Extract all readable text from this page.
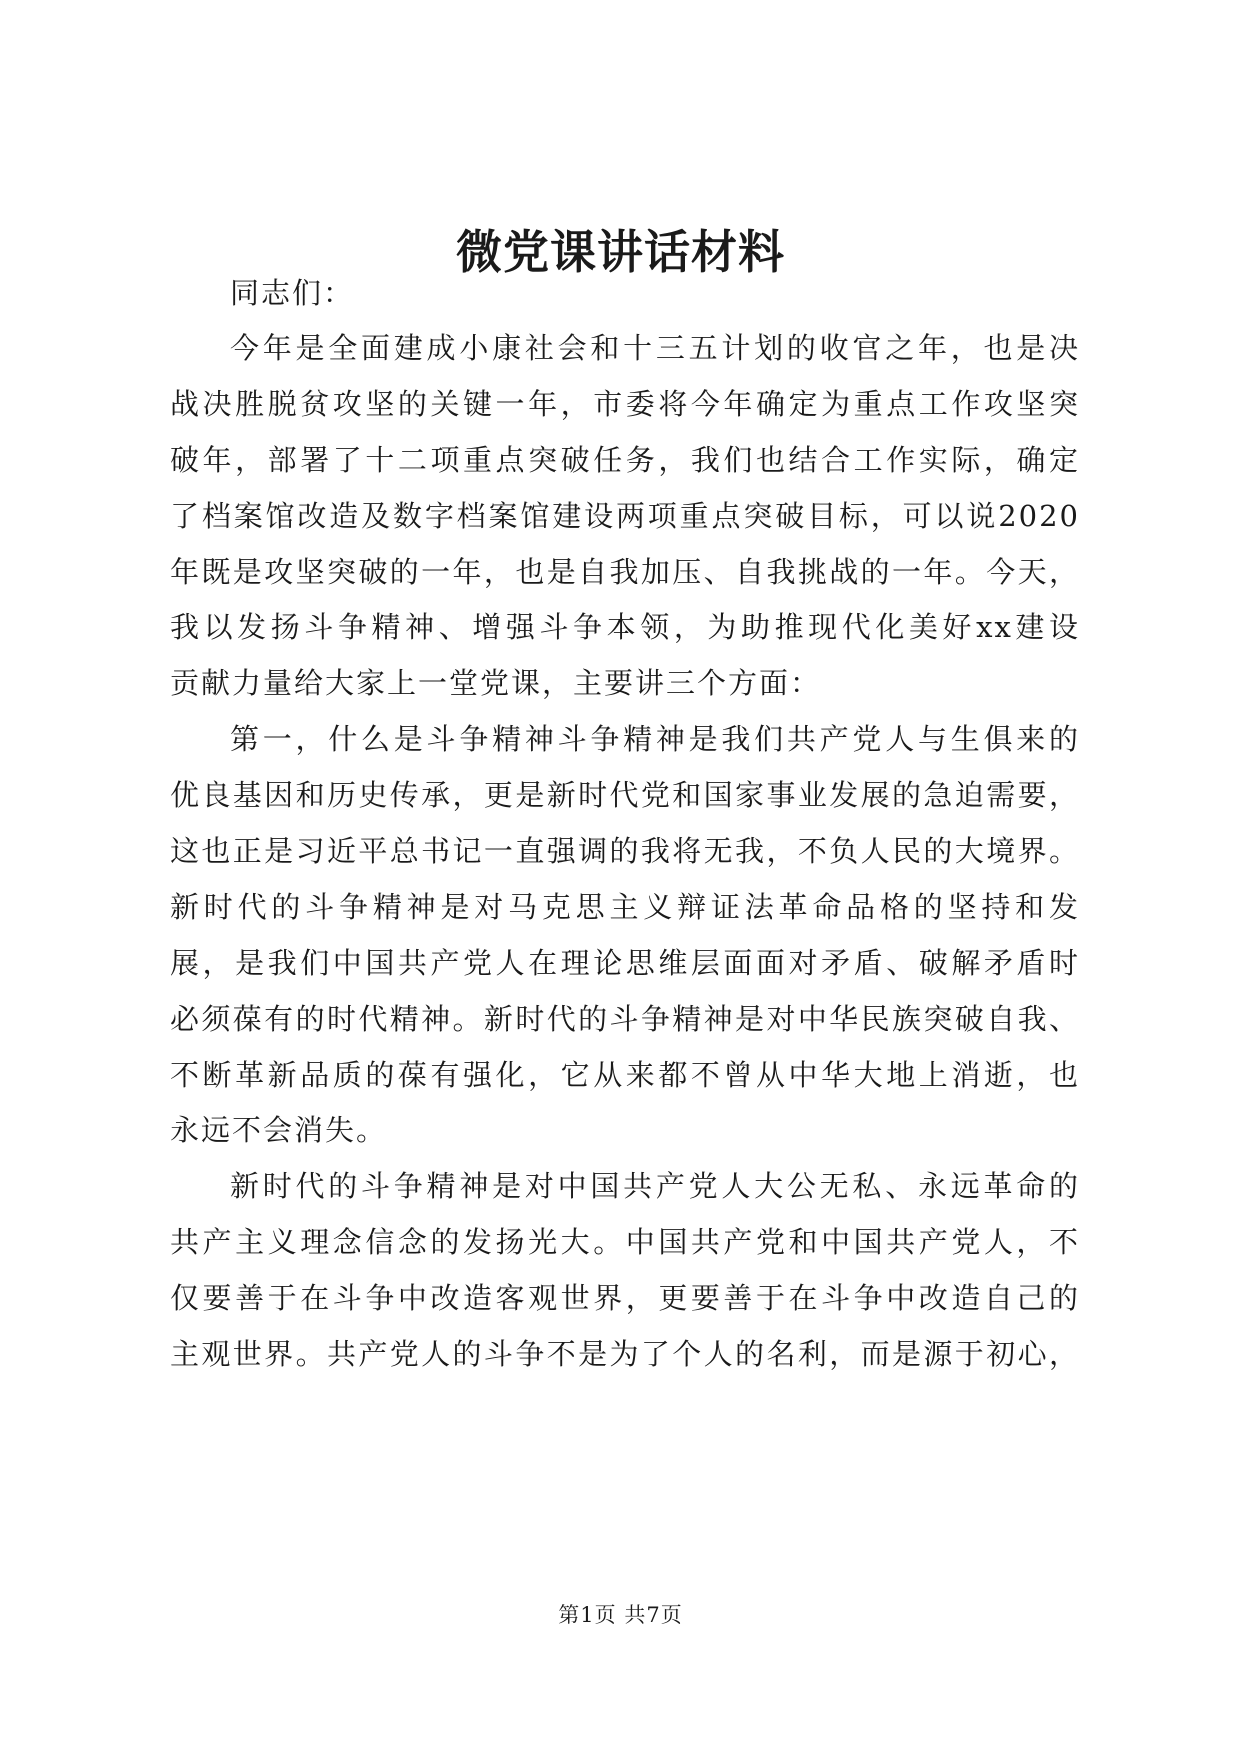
微党课讲话材料
同志们：
今年是全面建成小康社会和十三五计划的收官之年，也是决
战决胜脱贫攻坚的关键一年，市委将今年确定为重点工作攻坚突
破年，部署了十二项重点突破任务，我们也结合工作实际，确定
了档案馆改造及数字档案馆建设两项重点突破目标，可以说2020
年既是攻坚突破的一年，也是自我加压、自我挑战的一年。今天，
我以发扬斗争精神、增强斗争本领，为助推现代化美好xx建设
贡献力量给大家上一堂党课，主要讲三个方面：
第一，什么是斗争精神斗争精神是我们共产党人与生俱来的
优良基因和历史传承，更是新时代党和国家事业发展的急迫需要，
这也正是习近平总书记一直强调的我将无我，不负人民的大境界。
新时代的斗争精神是对马克思主义辩证法革命品格的坚持和发
展，是我们中国共产党人在理论思维层面面对矛盾、破解矛盾时
必须葆有的时代精神。新时代的斗争精神是对中华民族突破自我、
不断革新品质的葆有强化，它从来都不曾从中华大地上消逝，也
永远不会消失。
新时代的斗争精神是对中国共产党人大公无私、永远革命的
共产主义理念信念的发扬光大。中国共产党和中国共产党人，不
仅要善于在斗争中改造客观世界，更要善于在斗争中改造自己的
主观世界。共产党人的斗争不是为了个人的名利，而是源于初心，
第1页 共7页
